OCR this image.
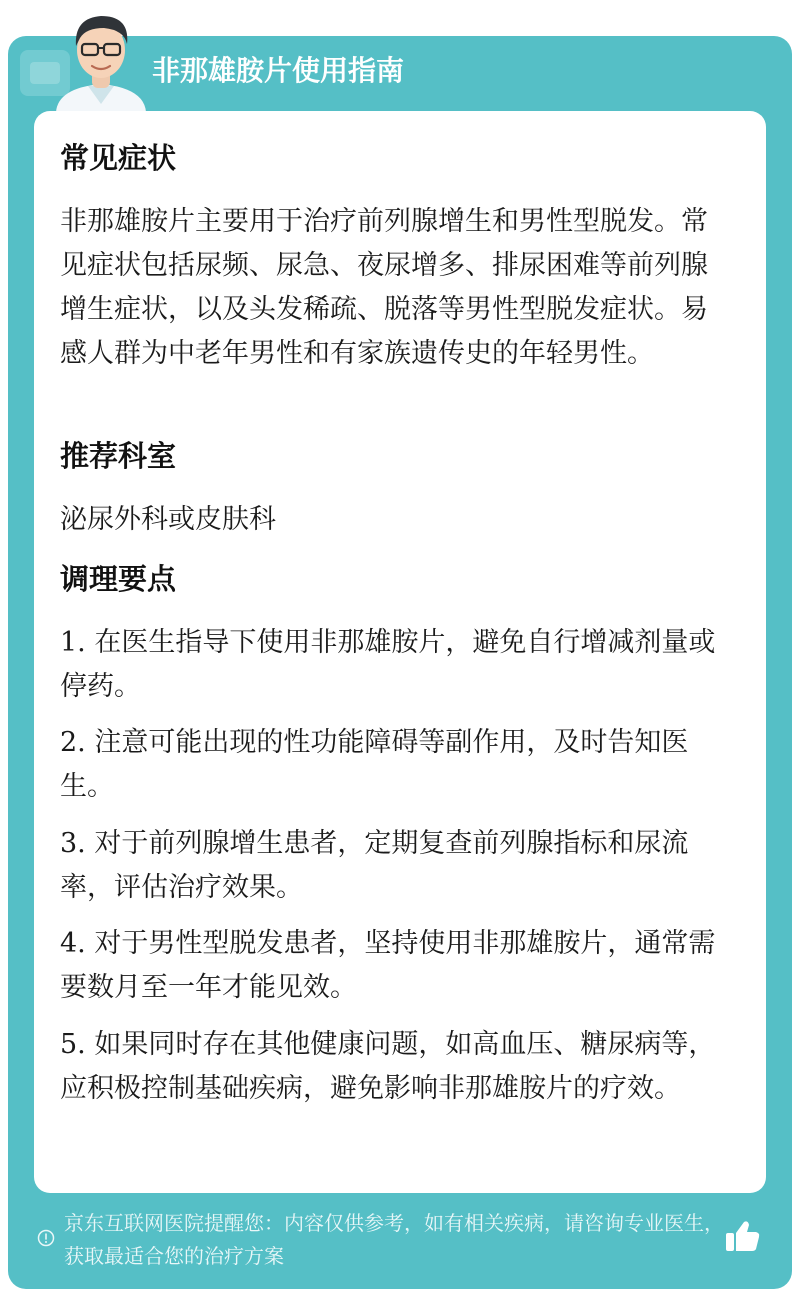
非那雄胺片使用指南
常见症状
非那雄胺片主要用于治疗前列腺增生和男性型脱发。常见症状包括尿频、尿急、夜尿增多、排尿困难等前列腺增生症状，以及头发稀疏、脱落等男性型脱发症状。易感人群为中老年男性和有家族遗传史的年轻男性。
推荐科室
泌尿外科或皮肤科
调理要点
1. 在医生指导下使用非那雄胺片，避免自行增减剂量或停药。
2. 注意可能出现的性功能障碍等副作用，及时告知医生。
3. 对于前列腺增生患者，定期复查前列腺指标和尿流率，评估治疗效果。
4. 对于男性型脱发患者，坚持使用非那雄胺片，通常需要数月至一年才能见效。
5. 如果同时存在其他健康问题，如高血压、糖尿病等，应积极控制基础疾病，避免影响非那雄胺片的疗效。
京东互联网医院提醒您：内容仅供参考，如有相关疾病，请咨询专业医生，获取最适合您的治疗方案
